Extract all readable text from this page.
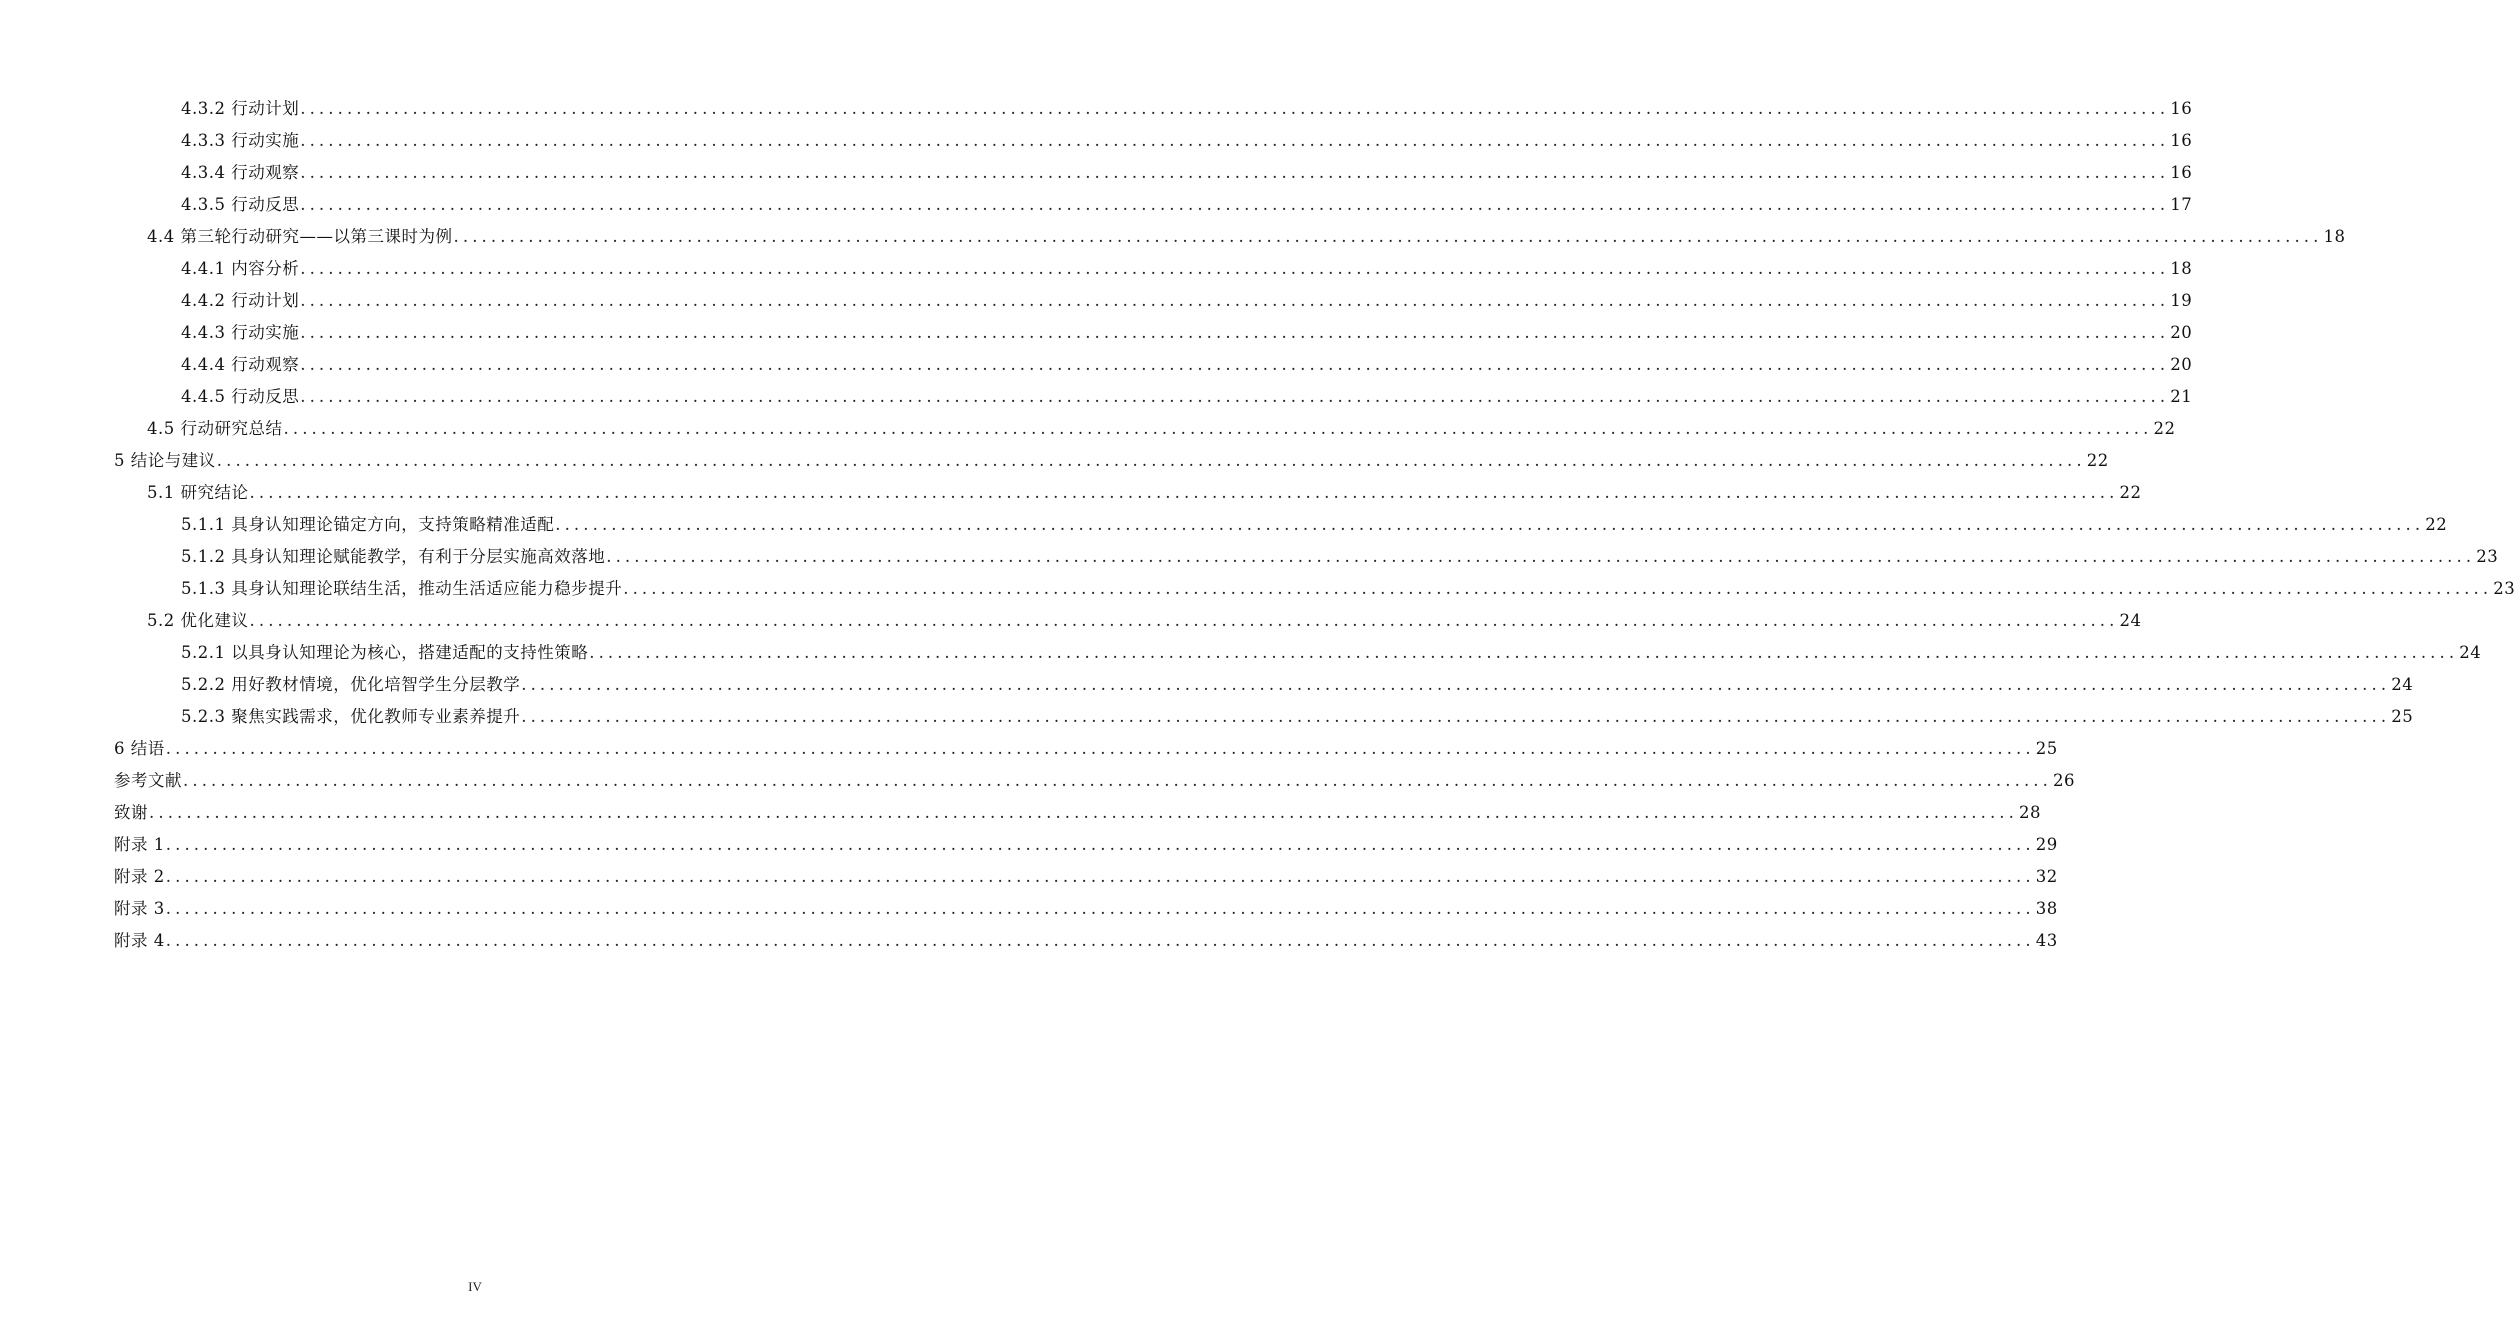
4.3.2 行动计划 ........................................................................................................................................................................................................ 16
4.3.3 行动实施 ........................................................................................................................................................................................................ 16
4.3.4 行动观察 ........................................................................................................................................................................................................ 16
4.3.5 行动反思 ........................................................................................................................................................................................................ 17
4.4 第三轮行动研究——以第三课时为例 ........................................................................................................................................................................................................ 18
4.4.1 内容分析 ........................................................................................................................................................................................................ 18
4.4.2 行动计划 ........................................................................................................................................................................................................ 19
4.4.3 行动实施 ........................................................................................................................................................................................................ 20
4.4.4 行动观察 ........................................................................................................................................................................................................ 20
4.4.5 行动反思 ........................................................................................................................................................................................................ 21
4.5 行动研究总结 ........................................................................................................................................................................................................ 22
5 结论与建议 ........................................................................................................................................................................................................ 22
5.1 研究结论 ........................................................................................................................................................................................................ 22
5.1.1 具身认知理论锚定方向，支持策略精准适配 ........................................................................................................................................................................................................ 22
5.1.2 具身认知理论赋能教学，有利于分层实施高效落地 ........................................................................................................................................................................................................ 23
5.1.3 具身认知理论联结生活，推动生活适应能力稳步提升 ........................................................................................................................................................................................................ 23
5.2 优化建议 ........................................................................................................................................................................................................ 24
5.2.1 以具身认知理论为核心，搭建适配的支持性策略 ........................................................................................................................................................................................................ 24
5.2.2 用好教材情境，优化培智学生分层教学 ........................................................................................................................................................................................................ 24
5.2.3 聚焦实践需求，优化教师专业素养提升 ........................................................................................................................................................................................................ 25
6 结语 ........................................................................................................................................................................................................ 25
参考文献 ........................................................................................................................................................................................................ 26
致谢 ........................................................................................................................................................................................................ 28
附录 1 ........................................................................................................................................................................................................ 29
附录 2 ........................................................................................................................................................................................................ 32
附录 3 ........................................................................................................................................................................................................ 38
附录 4 ........................................................................................................................................................................................................ 43
IV
